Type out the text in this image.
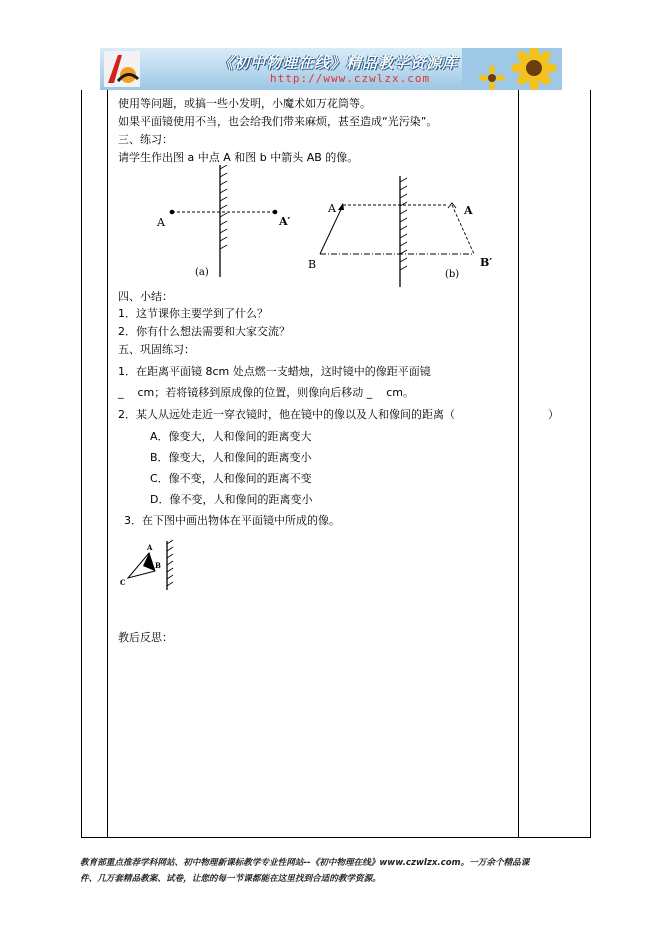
《初中物理在线》精品教学资源库
http://www.czwlzx.com
使用等问题，或搞一些小发明，小魔术如万花筒等。
如果平面镜使用不当，也会给我们带来麻烦，甚至造成“光污染”。
三、练习：
请学生作出图 a 中点 A 和图 b 中箭头 AB 的像。
A	A′
(a)
A	A
B	B′
(b)
四、小结：
1．这节课你主要学到了什么？
2．你有什么想法需要和大家交流？
五、巩固练习：
1．在距离平面镜 8cm 处点燃一支蜡烛，这时镜中的像距平面镜
_    cm；若将镜移到原成像的位置，则像向后移动 _    cm。
2．某人从远处走近一穿衣镜时，他在镜中的像以及人和像间的距离（	）
A．像变大，人和像间的距离变大
B．像变大，人和像间的距离变小
C．像不变，人和像间的距离不变
D．像不变，人和像间的距离变小
3．在下图中画出物体在平面镜中所成的像。
A
B
C
教后反思：
教育部重点推荐学科网站、初中物理新课标教学专业性网站--《初中物理在线》www.czwlzx.com。一万余个精品课
件、几万套精品教案、试卷，让您的每一节课都能在这里找到合适的教学资源。
